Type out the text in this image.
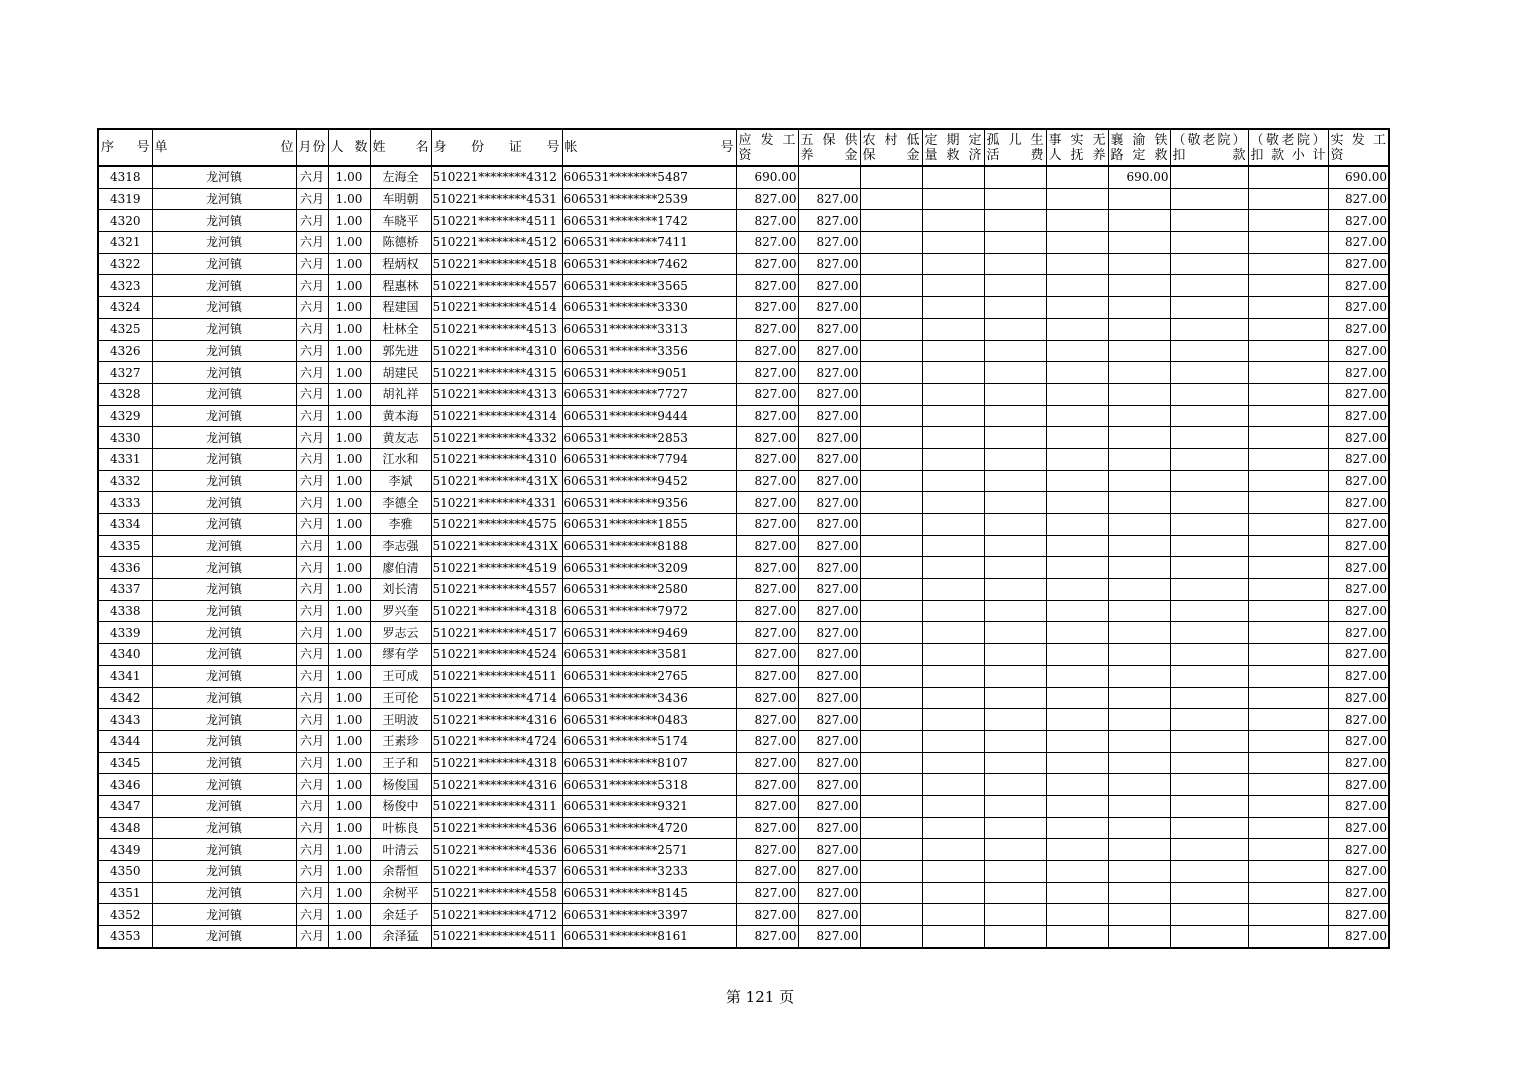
序　号	单　　　　位	月份	人 数	姓　　名	身　份　证　号	帐　　　　　　　号	应 发 工 资	五 保 供 养 金	农 村 低 保 金	定 期 定 量 救 济	孤 儿 生 活 费	事 实 无 人 抚 养	襄 渝 铁 路 定 救	（敬老院）扣　　款	（敬老院）扣 款 小 计	实 发 工 资
4318	龙河镇	六月	1.00	左海全	510221********4312	606531********5487	690.00						690.00			690.00
4319	龙河镇	六月	1.00	车明朝	510221********4531	606531********2539	827.00	827.00								827.00
4320	龙河镇	六月	1.00	车晓平	510221********4511	606531********1742	827.00	827.00								827.00
4321	龙河镇	六月	1.00	陈德桥	510221********4512	606531********7411	827.00	827.00								827.00
4322	龙河镇	六月	1.00	程炳权	510221********4518	606531********7462	827.00	827.00								827.00
4323	龙河镇	六月	1.00	程惠林	510221********4557	606531********3565	827.00	827.00								827.00
4324	龙河镇	六月	1.00	程建国	510221********4514	606531********3330	827.00	827.00								827.00
4325	龙河镇	六月	1.00	杜林全	510221********4513	606531********3313	827.00	827.00								827.00
4326	龙河镇	六月	1.00	郭先进	510221********4310	606531********3356	827.00	827.00								827.00
4327	龙河镇	六月	1.00	胡建民	510221********4315	606531********9051	827.00	827.00								827.00
4328	龙河镇	六月	1.00	胡礼祥	510221********4313	606531********7727	827.00	827.00								827.00
4329	龙河镇	六月	1.00	黄本海	510221********4314	606531********9444	827.00	827.00								827.00
4330	龙河镇	六月	1.00	黄友志	510221********4332	606531********2853	827.00	827.00								827.00
4331	龙河镇	六月	1.00	江水和	510221********4310	606531********7794	827.00	827.00								827.00
4332	龙河镇	六月	1.00	李斌	510221********431X	606531********9452	827.00	827.00								827.00
4333	龙河镇	六月	1.00	李德全	510221********4331	606531********9356	827.00	827.00								827.00
4334	龙河镇	六月	1.00	李雅	510221********4575	606531********1855	827.00	827.00								827.00
4335	龙河镇	六月	1.00	李志强	510221********431X	606531********8188	827.00	827.00								827.00
4336	龙河镇	六月	1.00	廖伯清	510221********4519	606531********3209	827.00	827.00								827.00
4337	龙河镇	六月	1.00	刘长清	510221********4557	606531********2580	827.00	827.00								827.00
4338	龙河镇	六月	1.00	罗兴奎	510221********4318	606531********7972	827.00	827.00								827.00
4339	龙河镇	六月	1.00	罗志云	510221********4517	606531********9469	827.00	827.00								827.00
4340	龙河镇	六月	1.00	缪有学	510221********4524	606531********3581	827.00	827.00								827.00
4341	龙河镇	六月	1.00	王可成	510221********4511	606531********2765	827.00	827.00								827.00
4342	龙河镇	六月	1.00	王可伦	510221********4714	606531********3436	827.00	827.00								827.00
4343	龙河镇	六月	1.00	王明波	510221********4316	606531********0483	827.00	827.00								827.00
4344	龙河镇	六月	1.00	王素珍	510221********4724	606531********5174	827.00	827.00								827.00
4345	龙河镇	六月	1.00	王子和	510221********4318	606531********8107	827.00	827.00								827.00
4346	龙河镇	六月	1.00	杨俊国	510221********4316	606531********5318	827.00	827.00								827.00
4347	龙河镇	六月	1.00	杨俊中	510221********4311	606531********9321	827.00	827.00								827.00
4348	龙河镇	六月	1.00	叶栋良	510221********4536	606531********4720	827.00	827.00								827.00
4349	龙河镇	六月	1.00	叶清云	510221********4536	606531********2571	827.00	827.00								827.00
4350	龙河镇	六月	1.00	余帮恒	510221********4537	606531********3233	827.00	827.00								827.00
4351	龙河镇	六月	1.00	余树平	510221********4558	606531********8145	827.00	827.00								827.00
4352	龙河镇	六月	1.00	余廷子	510221********4712	606531********3397	827.00	827.00								827.00
4353	龙河镇	六月	1.00	余泽猛	510221********4511	606531********8161	827.00	827.00								827.00
第 121 页
